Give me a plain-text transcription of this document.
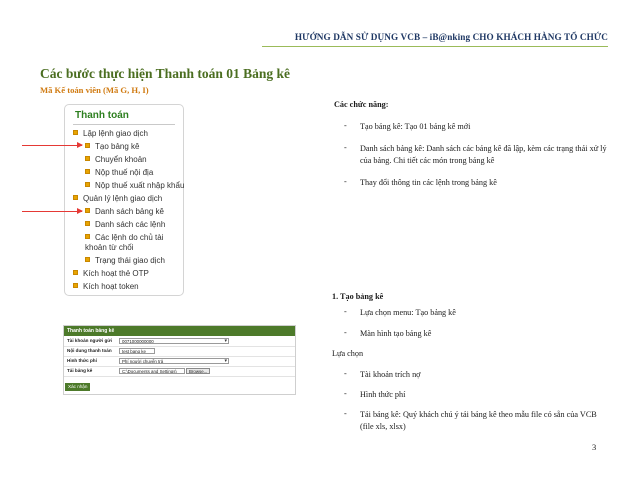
HƯỚNG DẪN SỬ DỤNG VCB – iB@nking CHO KHÁCH HÀNG TỔ CHỨC
Các bước thực hiện Thanh toán 01 Bảng kê
Mã Kế toán viên (Mã G, H, I)
Thanh toán
Lập lệnh giao dịch
Tạo bảng kê
Chuyển khoản
Nộp thuế nội địa
Nộp thuế xuất nhập khẩu
Quản lý lệnh giao dịch
Danh sách bảng kê
Danh sách các lệnh
Các lệnh do chủ tài khoản từ chối
Trạng thái giao dịch
Kích hoạt thẻ OTP
Kích hoạt token
Các chức năng:
- Tạo bảng kê: Tạo 01 bảng kê mới
- Danh sách bảng kê: Danh sách các bảng kê đã lập, kèm các trạng thái xử lý của bảng. Chi tiết các món trong bảng kê
- Thay đổi thông tin các lệnh trong bảng kê
1. Tạo bảng kê
- Lựa chọn menu: Tạo bảng kê
- Màn hình tạo bảng kê
Lựa chọn
- Tài khoản trích nợ
- Hình thức phí
- Tải bảng kê: Quý khách chú ý tải bảng kê theo mẫu file có sẵn của VCB (file xls, xlsx)
Thanh toán bảng kê
Tài khoản người gửi	0071000000000 ▾
Nội dung thanh toán	test bang ke
Hình thức phí	Phí người chuyển trả ▾
Tải bảng kê	C:\Documents and Settings\	Browse...
Xác nhận
3
